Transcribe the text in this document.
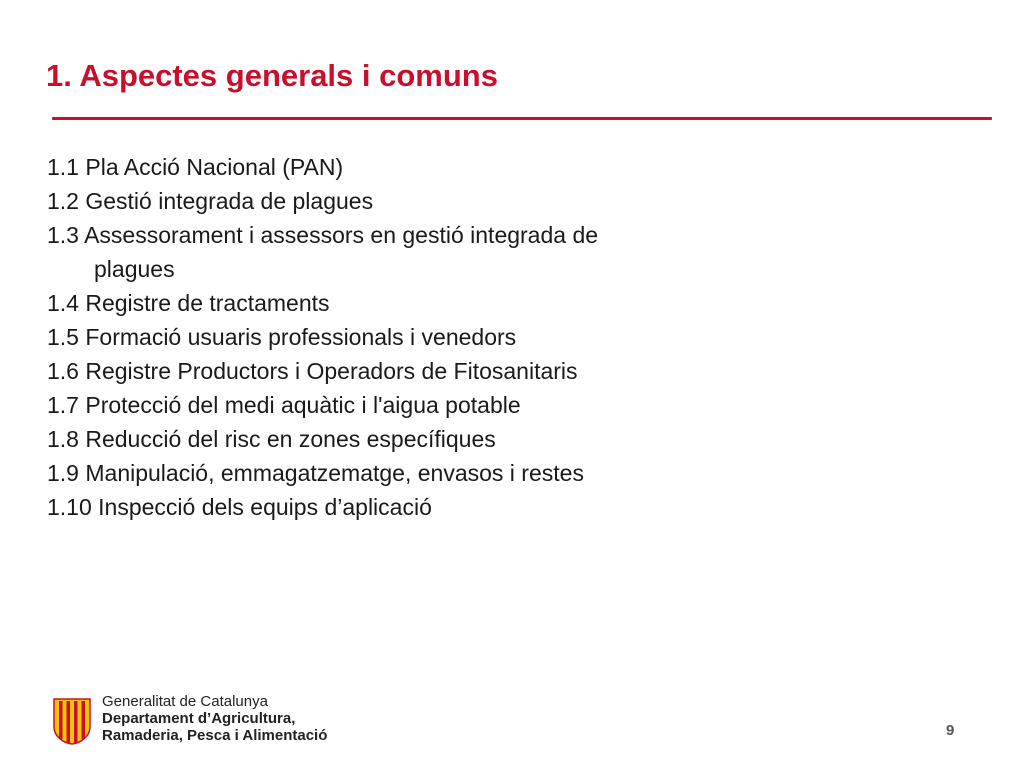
1. Aspectes generals i comuns
1.1 Pla Acció Nacional (PAN)
1.2 Gestió integrada de plagues
1.3 Assessorament i assessors en gestió integrada de
plagues
1.4 Registre de tractaments
1.5 Formació usuaris professionals i venedors
1.6 Registre Productors i Operadors de Fitosanitaris
1.7 Protecció del medi aquàtic i l'aigua potable
1.8 Reducció del risc en zones específiques
1.9 Manipulació, emmagatzematge, envasos i restes
1.10 Inspecció dels equips d’aplicació
Generalitat de Catalunya
Departament d’Agricultura,
Ramaderia, Pesca i Alimentació	9
